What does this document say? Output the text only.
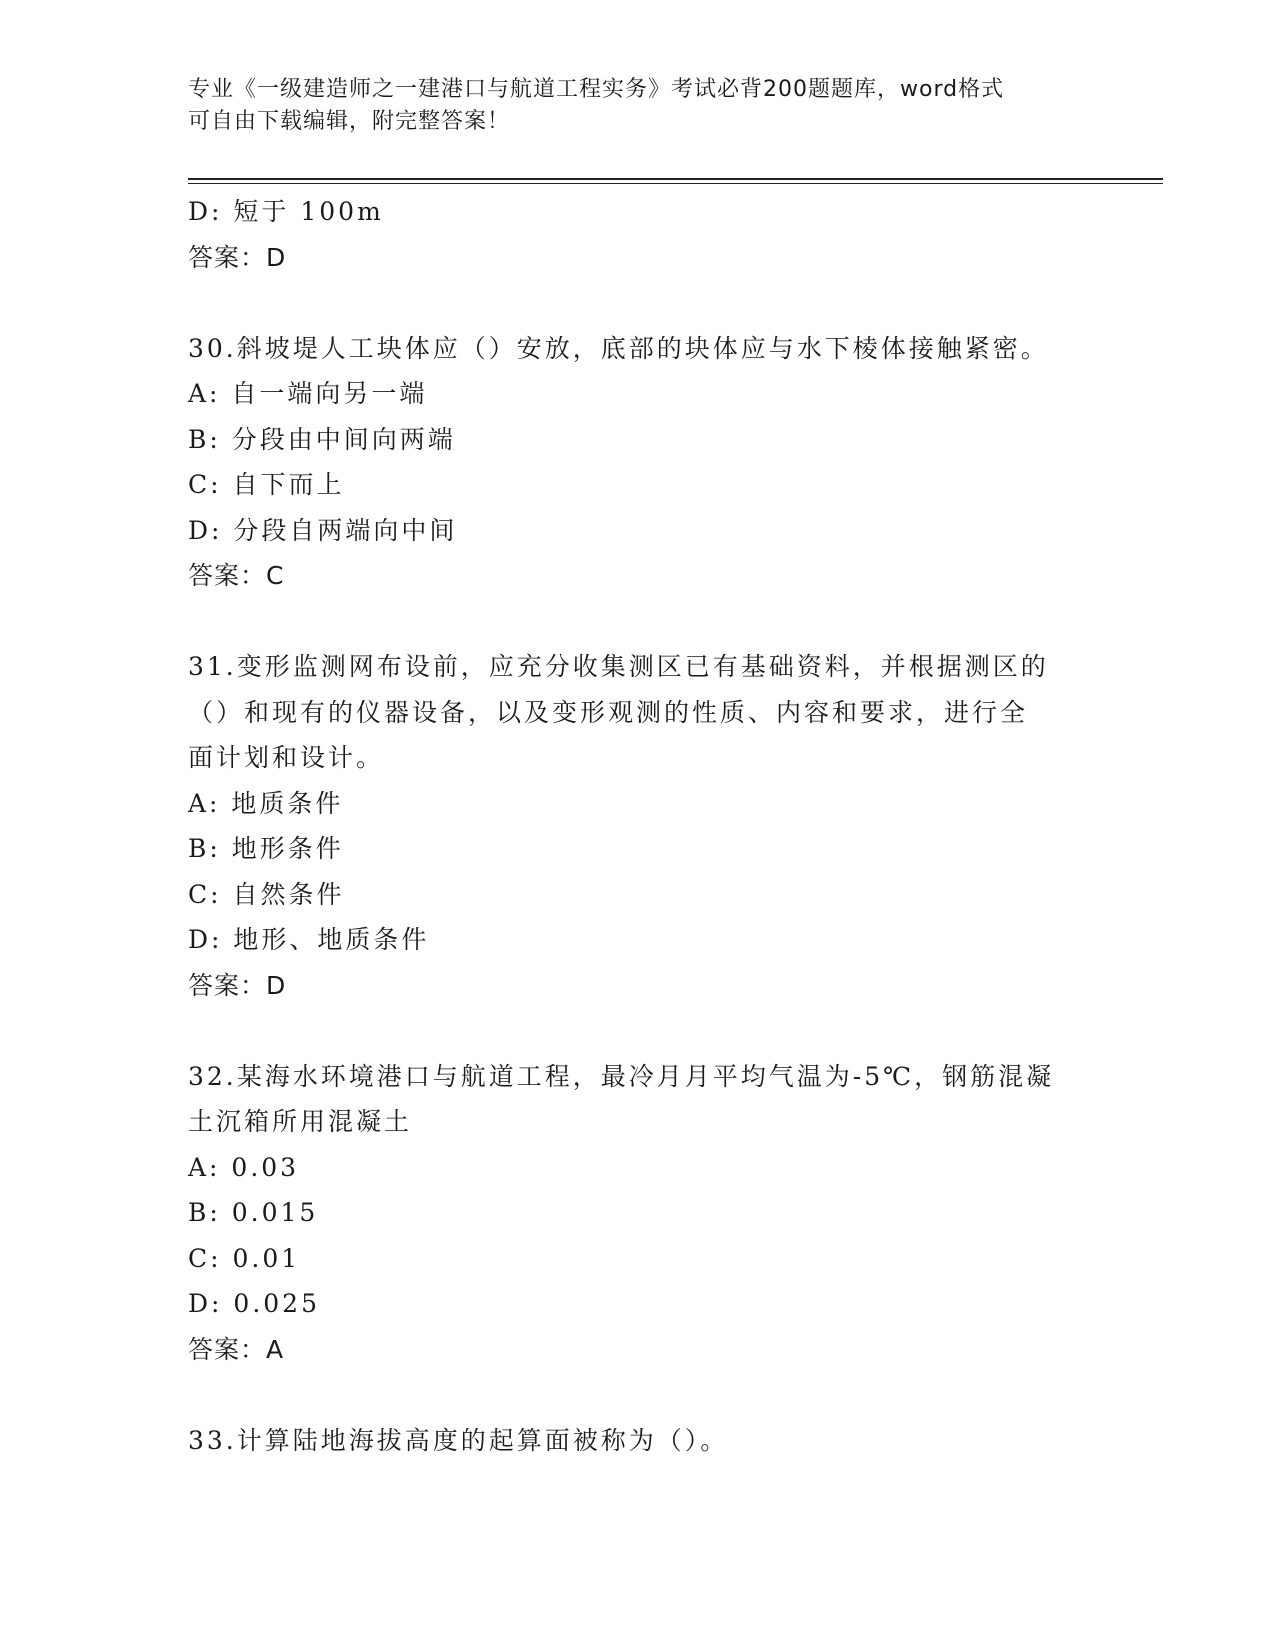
专业《一级建造师之一建港口与航道工程实务》考试必背200题题库，word格式
可自由下载编辑，附完整答案！
D: 短于 100m
答案：D
30.斜坡堤人工块体应（）安放，底部的块体应与水下棱体接触紧密。
A: 自一端向另一端
B: 分段由中间向两端
C: 自下而上
D: 分段自两端向中间
答案：C
31.变形监测网布设前，应充分收集测区已有基础资料，并根据测区的
（）和现有的仪器设备，以及变形观测的性质、内容和要求，进行全
面计划和设计。
A: 地质条件
B: 地形条件
C: 自然条件
D: 地形、地质条件
答案：D
32.某海水环境港口与航道工程，最冷月月平均气温为-5℃，钢筋混凝
土沉箱所用混凝土
A: 0.03
B: 0.015
C: 0.01
D: 0.025
答案：A
33.计算陆地海拔高度的起算面被称为（）。
